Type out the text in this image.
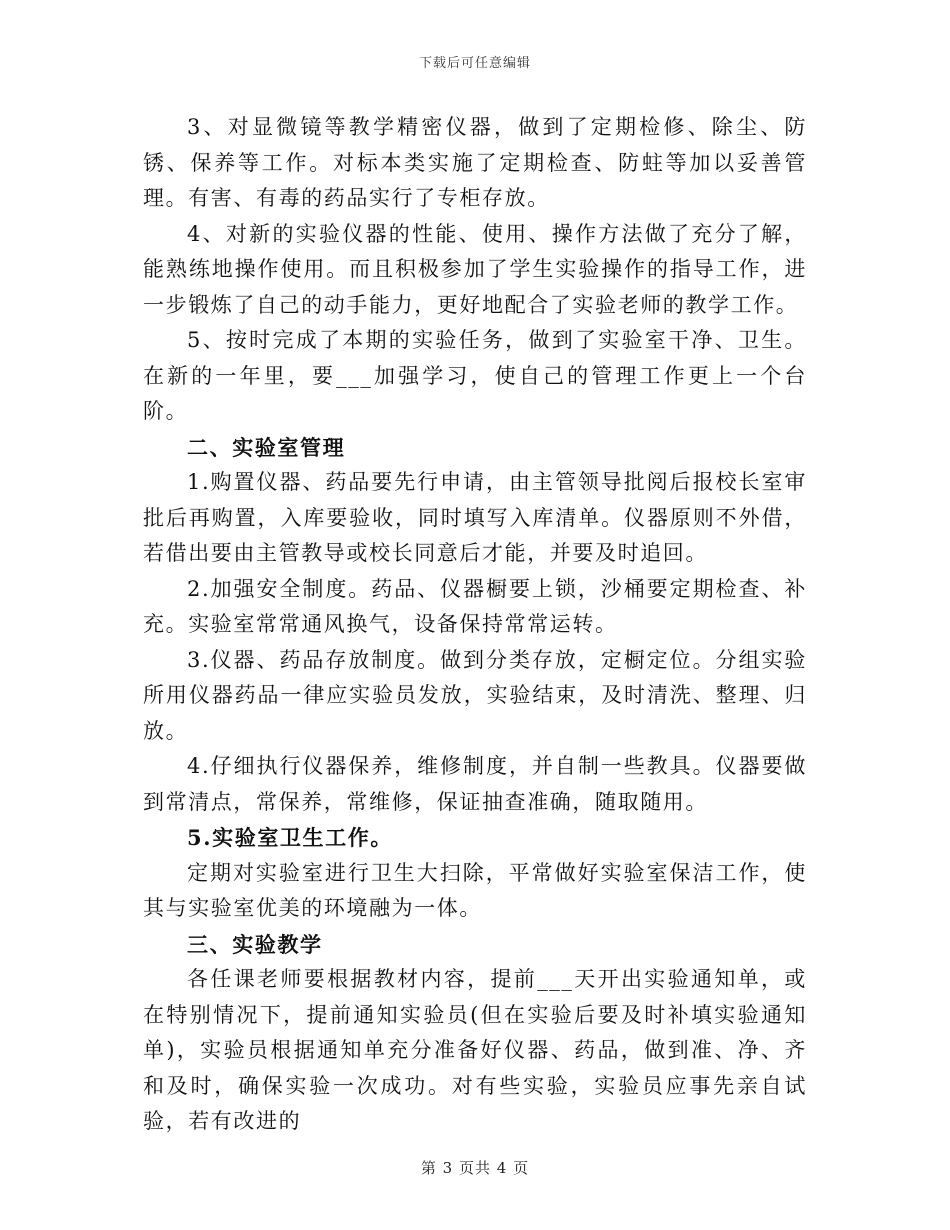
下载后可任意编辑

3、对显微镜等教学精密仪器，做到了定期检修、除尘、防锈、保养等工作。对标本类实施了定期检查、防蛀等加以妥善管理。有害、有毒的药品实行了专柜存放。

4、对新的实验仪器的性能、使用、操作方法做了充分了解，能熟练地操作使用。而且积极参加了学生实验操作的指导工作，进一步锻炼了自己的动手能力，更好地配合了实验老师的教学工作。

5、按时完成了本期的实验任务，做到了实验室干净、卫生。在新的一年里，要___加强学习，使自己的管理工作更上一个台阶。

二、实验室管理

1.购置仪器、药品要先行申请，由主管领导批阅后报校长室审批后再购置，入库要验收，同时填写入库清单。仪器原则不外借，若借出要由主管教导或校长同意后才能，并要及时追回。

2.加强安全制度。药品、仪器橱要上锁，沙桶要定期检查、补充。实验室常常通风换气，设备保持常常运转。

3.仪器、药品存放制度。做到分类存放，定橱定位。分组实验所用仪器药品一律应实验员发放，实验结束，及时清洗、整理、归放。

4.仔细执行仪器保养，维修制度，并自制一些教具。仪器要做到常清点，常保养，常维修，保证抽查准确，随取随用。

5.实验室卫生工作。

定期对实验室进行卫生大扫除，平常做好实验室保洁工作，使其与实验室优美的环境融为一体。

三、实验教学

各任课老师要根据教材内容，提前___天开出实验通知单，或在特别情况下，提前通知实验员(但在实验后要及时补填实验通知单)，实验员根据通知单充分准备好仪器、药品，做到准、净、齐和及时，确保实验一次成功。对有些实验，实验员应事先亲自试验，若有改进的

第 3 页共 4 页
